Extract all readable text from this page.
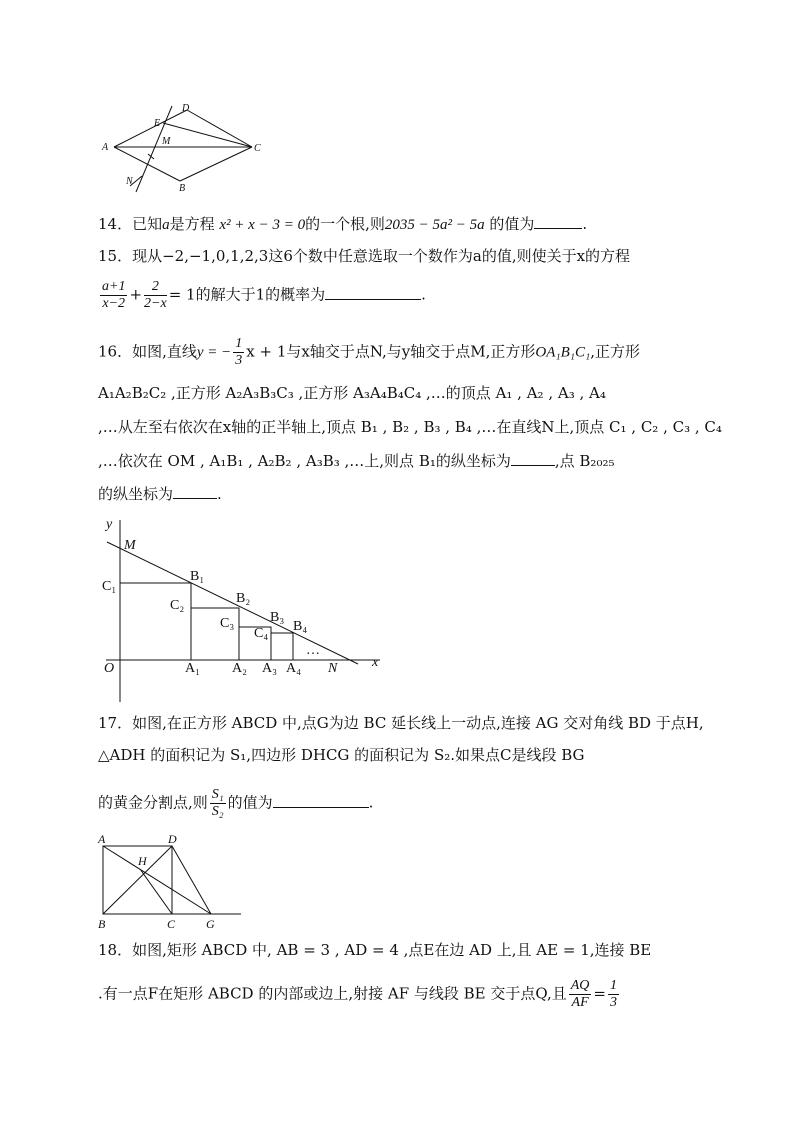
A
B
C
D
E
M
N
14．已知a是方程 x² + x − 3 = 0的一个根,则2035 − 5a² − 5a 的值为	.
15．现从−2,−1,0,1,2,3这6个数中任意选取一个数作为a的值,则使关于x的方程
$\frac{a+1}{x-2} + \frac{2}{2-x} = 1$的解大于1的概率为	.
16．如图,直线y = − $\frac{1}{3}$ x + 1与x轴交于点N,与y轴交于点M,正方形OA₁B₁C₁,正方形
A₁A₂B₂C₂ ,正方形 A₂A₃B₃C₃ ,正方形 A₃A₄B₄C₄ ,…的顶点 A₁ , A₂ , A₃ , A₄
,…从左至右依次在x轴的正半轴上,顶点 B₁ , B₂ , B₃ , B₄ ,…在直线N上,顶点 C₁ , C₂ , C₃ , C₄
,…依次在 OM , A₁B₁ , A₂B₂ , A₃B₃ ,…上,则点 B₁的纵坐标为	,点 B₂₀₂₅
的纵坐标为	.
y
M
C₁
B₁
C₂	B₂
C₃	B₃
C₄ B₄
O	A₁ A₂ A₃ A₄
…
N x
17．如图,在正方形 ABCD 中,点G为边 BC 延长线上一动点,连接 AG 交对角线 BD 于点H,
△ADH 的面积记为 S₁,四边形 DHCG 的面积记为 S₂.如果点C是线段 BG
的黄金分割点,则 $\frac{\text{S₁}}{\text{S₂}}$ 的值为	.
A	D
H
B	C	G
18．如图,矩形 ABCD 中, AB = 3 , AD = 4 ,点E在边 AD 上,且 AE = 1,连接 BE
.有一点F在矩形 ABCD 的内部或边上,射接 AF 与线段 BE 交于点Q,且 $\frac{AQ}{AF} = \frac{1}{3}$
